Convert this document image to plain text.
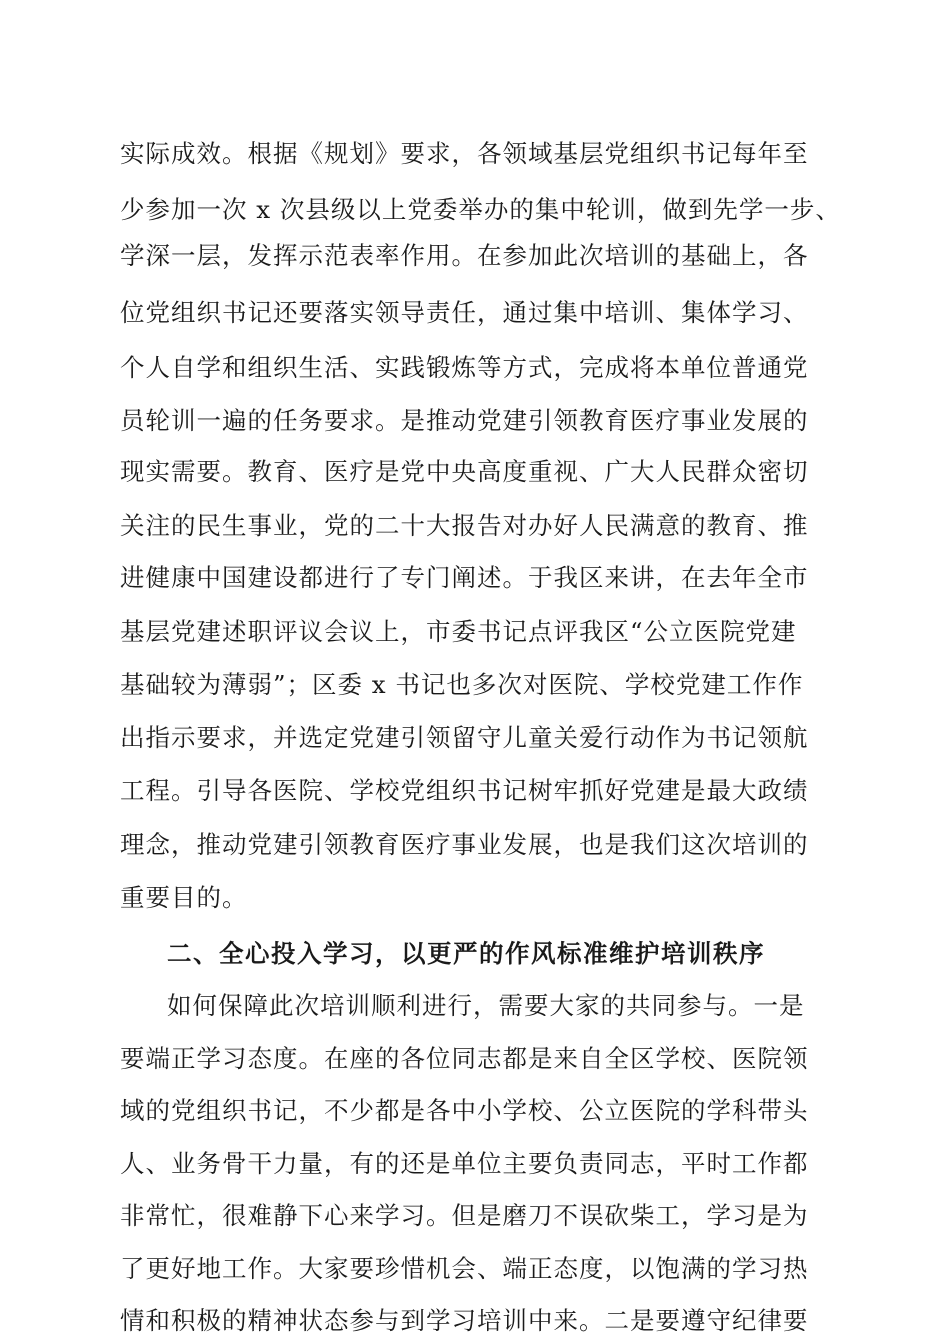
实际成效。根据《规划》要求，各领域基层党组织书记每年至
少参加一次 x 次县级以上党委举办的集中轮训，做到先学一步、
学深一层，发挥示范表率作用。在参加此次培训的基础上，各
位党组织书记还要落实领导责任，通过集中培训、集体学习、
个人自学和组织生活、实践锻炼等方式，完成将本单位普通党
员轮训一遍的任务要求。是推动党建引领教育医疗事业发展的
现实需要。教育、医疗是党中央高度重视、广大人民群众密切
关注的民生事业，党的二十大报告对办好人民满意的教育、推
进健康中国建设都进行了专门阐述。于我区来讲，在去年全市
基层党建述职评议会议上，市委书记点评我区“公立医院党建
基础较为薄弱”；区委 x 书记也多次对医院、学校党建工作作
出指示要求，并选定党建引领留守儿童关爱行动作为书记领航
工程。引导各医院、学校党组织书记树牢抓好党建是最大政绩
理念，推动党建引领教育医疗事业发展，也是我们这次培训的
重要目的。
二、全心投入学习，以更严的作风标准维护培训秩序
如何保障此次培训顺利进行，需要大家的共同参与。一是
要端正学习态度。在座的各位同志都是来自全区学校、医院领
域的党组织书记，不少都是各中小学校、公立医院的学科带头
人、业务骨干力量，有的还是单位主要负责同志，平时工作都
非常忙，很难静下心来学习。但是磨刀不误砍柴工，学习是为
了更好地工作。大家要珍惜机会、端正态度，以饱满的学习热
情和积极的精神状态参与到学习培训中来。二是要遵守纪律要
